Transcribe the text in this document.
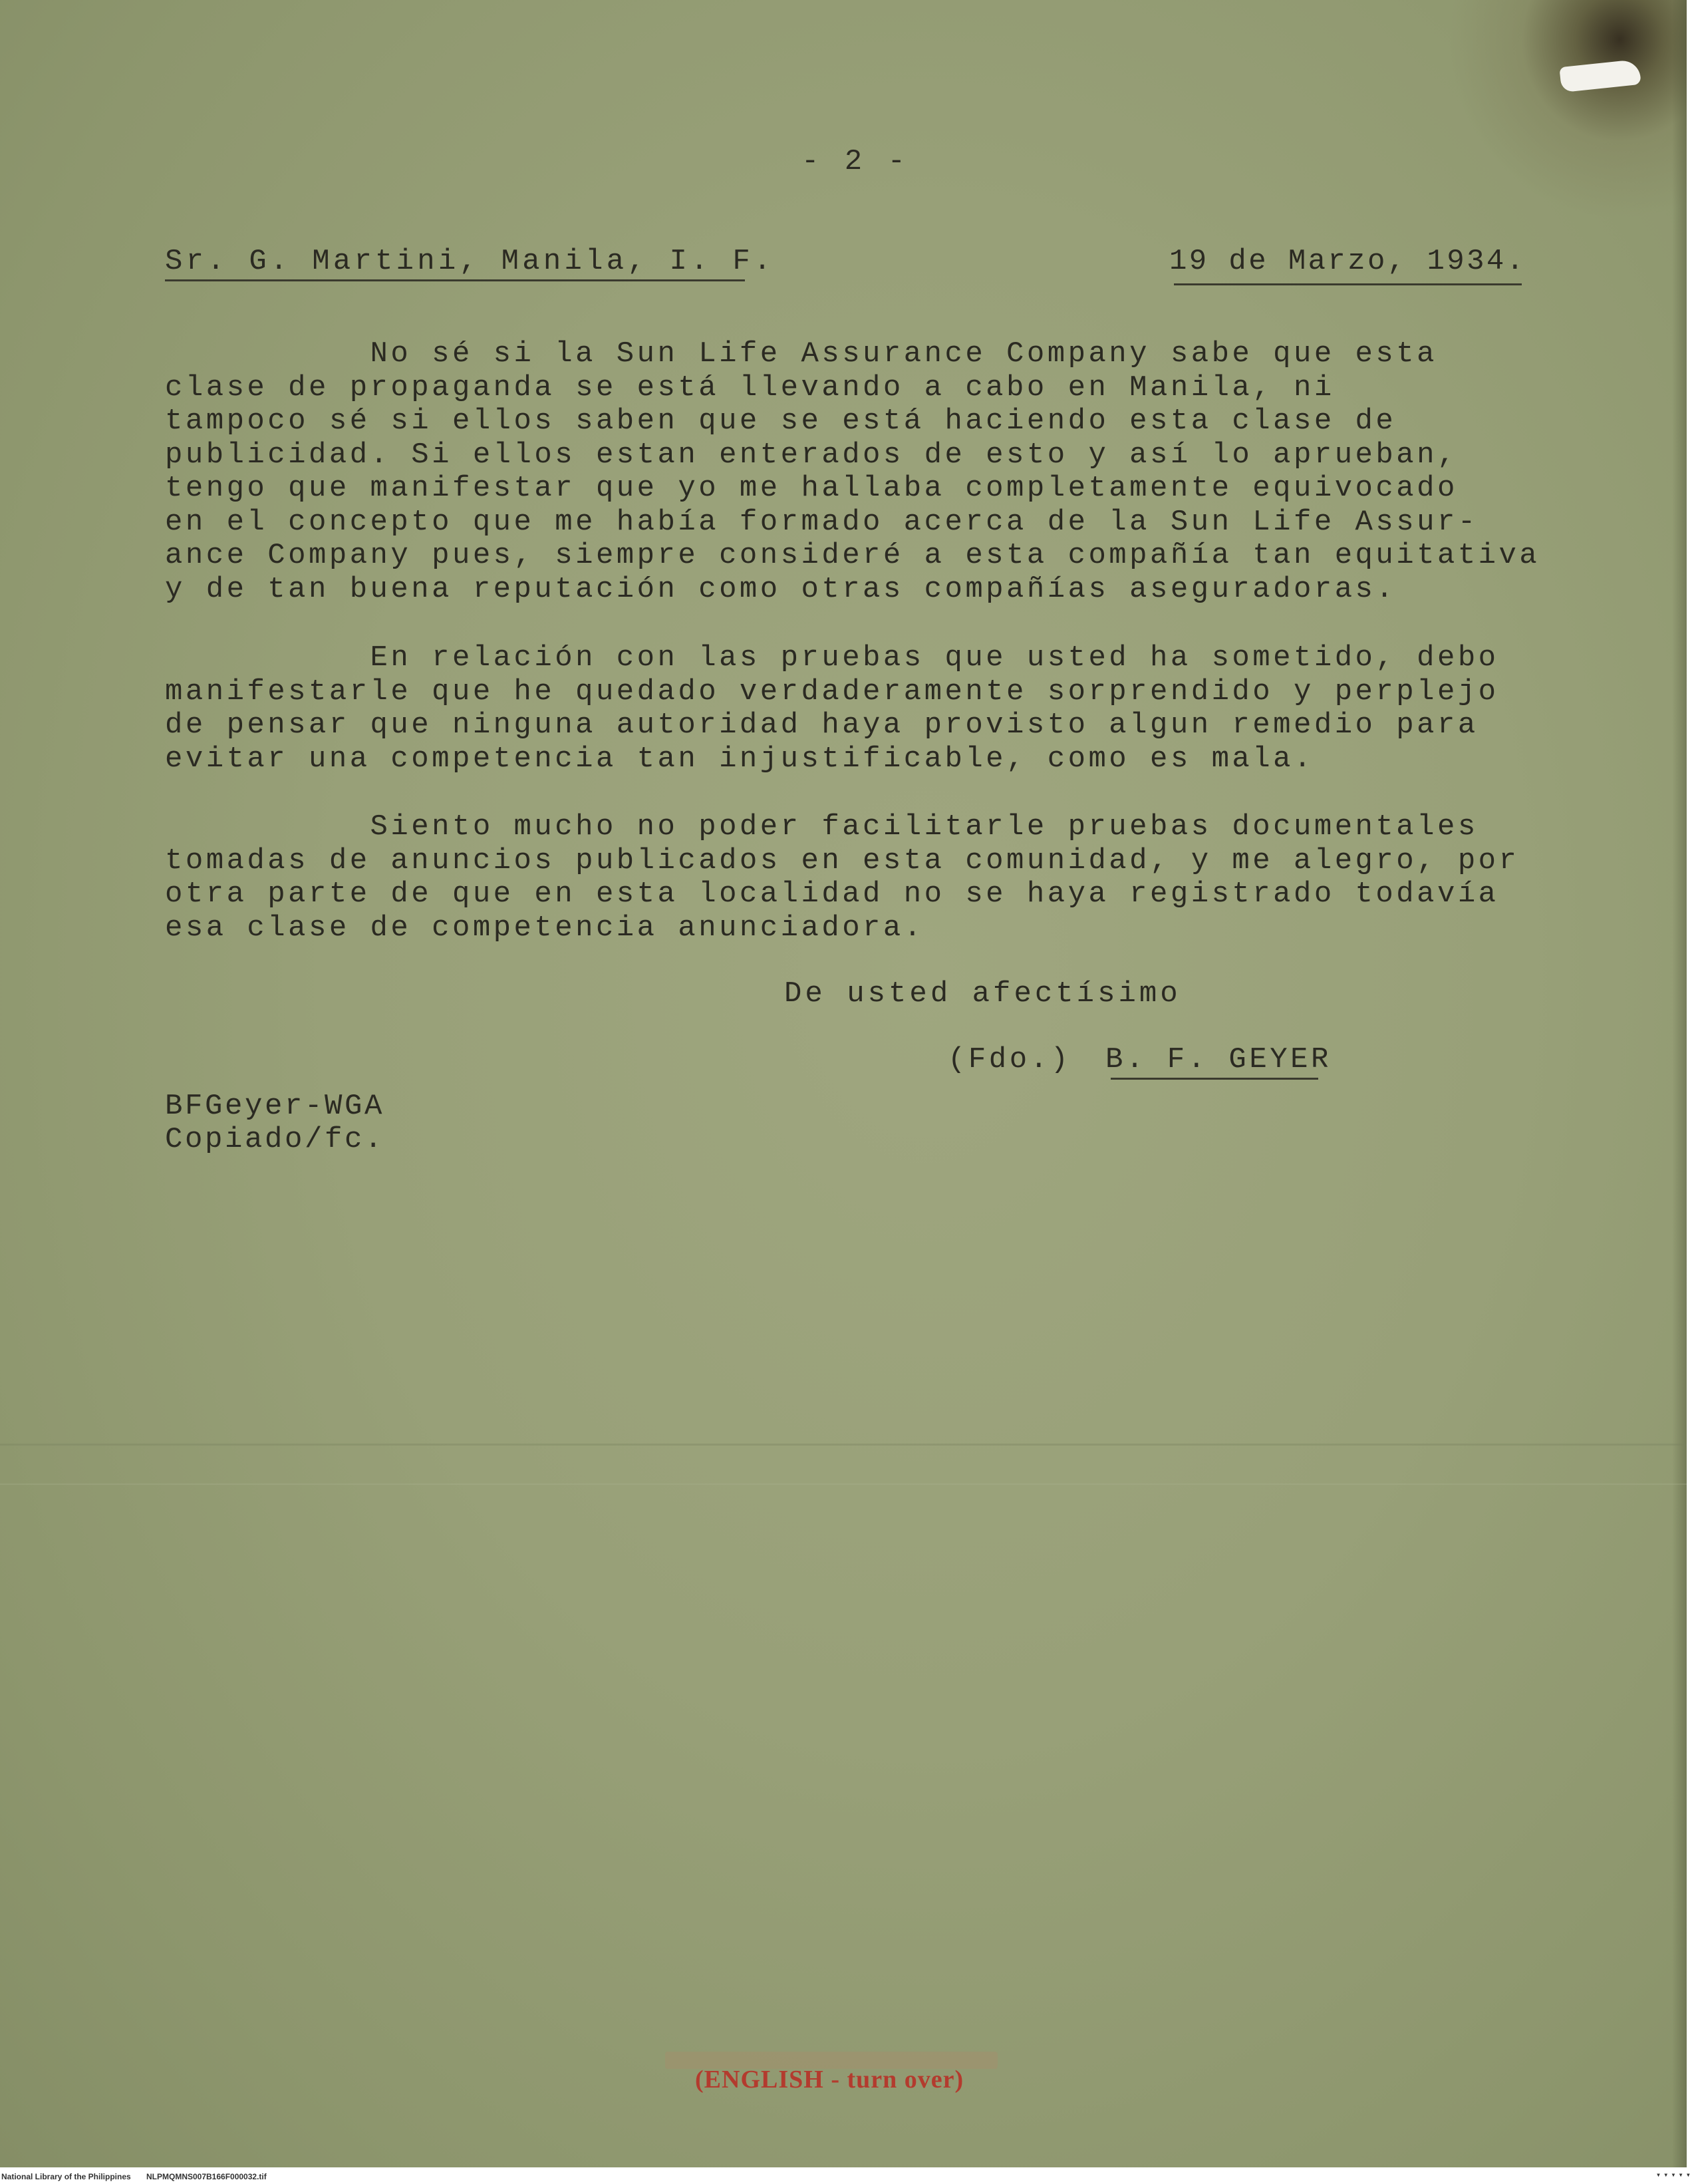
- 2 -
Sr. G. Martini, Manila, I. F.	19 de Marzo, 1934.
No sé si la Sun Life Assurance Company sabe que esta
clase de propaganda se está llevando a cabo en Manila, ni
tampoco sé si ellos saben que se está haciendo esta clase de
publicidad. Si ellos estan enterados de esto y así lo aprueban,
tengo que manifestar que yo me hallaba completamente equivocado
en el concepto que me había formado acerca de la Sun Life Assur-
ance Company pues, siempre consideré a esta compañía tan equitativa
y de tan buena reputación como otras compañías aseguradoras.
En relación con las pruebas que usted ha sometido, debo
manifestarle que he quedado verdaderamente sorprendido y perplejo
de pensar que ninguna autoridad haya provisto algun remedio para
evitar una competencia tan injustificable, como es mala.
Siento mucho no poder facilitarle pruebas documentales
tomadas de anuncios publicados en esta comunidad, y me alegro, por
otra parte de que en esta localidad no se haya registrado todavía
esa clase de competencia anunciadora.
De usted afectísimo
(Fdo.) B. F. GEYER
BFGeyer-WGA
Copiado/fc.
(ENGLISH - turn over)
National Library of the Philippines NLPMQMNS007B166F000032.tif	▾▾▾▾▾
